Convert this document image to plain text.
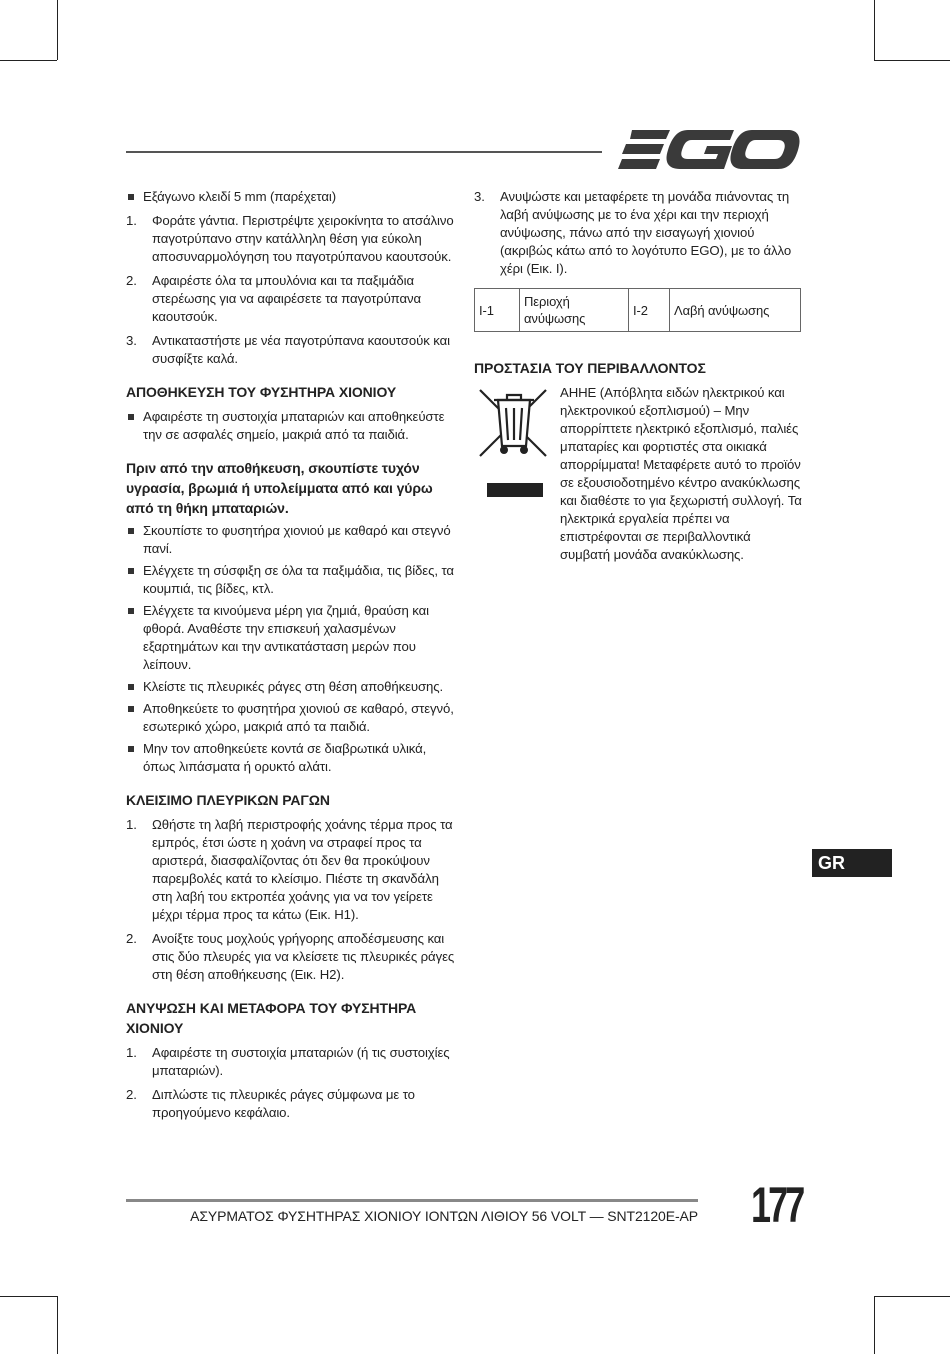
Εξάγωνο κλειδί 5 mm (παρέχεται)
1.	Φοράτε γάντια. Περιστρέψτε χειροκίνητα το ατσάλινο παγοτρύπανο στην κατάλληλη θέση για εύκολη αποσυναρμολόγηση του παγοτρύπανου καουτσούκ.
2.	Αφαιρέστε όλα τα μπουλόνια και τα παξιμάδια στερέωσης για να αφαιρέσετε τα παγοτρύπανα καουτσούκ.
3.	Αντικαταστήστε με νέα παγοτρύπανα καουτσούκ και συσφίξτε καλά.
ΑΠΟΘΗΚΕΥΣΗ ΤΟΥ ΦΥΣΗΤΗΡΑ ΧΙΟΝΙΟΥ
Αφαιρέστε τη συστοιχία μπαταριών και αποθηκεύστε την σε ασφαλές σημείο, μακριά από τα παιδιά.
Πριν από την αποθήκευση, σκουπίστε τυχόν υγρασία, βρωμιά ή υπολείμματα από και γύρω από τη θήκη μπαταριών.
Σκουπίστε το φυσητήρα χιονιού με καθαρό και στεγνό πανί.
Ελέγχετε τη σύσφιξη σε όλα τα παξιμάδια, τις βίδες, τα κουμπιά, τις βίδες, κτλ.
Ελέγχετε τα κινούμενα μέρη για ζημιά, θραύση και φθορά. Αναθέστε την επισκευή χαλασμένων εξαρτημάτων και την αντικατάσταση μερών που λείπουν.
Κλείστε τις πλευρικές ράγες στη θέση αποθήκευσης.
Αποθηκεύετε το φυσητήρα χιονιού σε καθαρό, στεγνό, εσωτερικό χώρο, μακριά από τα παιδιά.
Μην τον αποθηκεύετε κοντά σε διαβρωτικά υλικά, όπως λιπάσματα ή ορυκτό αλάτι.
ΚΛΕΙΣΙΜΟ ΠΛΕΥΡΙΚΩΝ ΡΑΓΩΝ
1.	Ωθήστε τη λαβή περιστροφής χοάνης τέρμα προς τα εμπρός, έτσι ώστε η χοάνη να στραφεί προς τα αριστερά, διασφαλίζοντας ότι δεν θα προκύψουν παρεμβολές κατά το κλείσιμο. Πιέστε τη σκανδάλη στη λαβή του εκτροπέα χοάνης για να τον γείρετε μέχρι τέρμα προς τα κάτω (Εικ. H1).
2.	Ανοίξτε τους μοχλούς γρήγορης αποδέσμευσης και στις δύο πλευρές για να κλείσετε τις πλευρικές ράγες στη θέση αποθήκευσης (Εικ. H2).
ΑΝΥΨΩΣΗ ΚΑΙ ΜΕΤΑΦΟΡΑ ΤΟΥ ΦΥΣΗΤΗΡΑ ΧΙΟΝΙΟΥ
1.	Αφαιρέστε τη συστοιχία μπαταριών (ή τις συστοιχίες μπαταριών).
2.	Διπλώστε τις πλευρικές ράγες σύμφωνα με το προηγούμενο κεφάλαιο.
3.	Ανυψώστε και μεταφέρετε τη μονάδα πιάνοντας τη λαβή ανύψωσης με το ένα χέρι και την περιοχή ανύψωσης, πάνω από την εισαγωγή χιονιού (ακριβώς κάτω από το λογότυπο EGO), με το άλλο χέρι (Εικ. I).
I-1	Περιοχή ανύψωσης	I-2	Λαβή ανύψωσης
ΠΡΟΣΤΑΣΙΑ ΤΟΥ ΠΕΡΙΒΑΛΛΟΝΤΟΣ
ΑΗΗΕ (Απόβλητα ειδών ηλεκτρικού και ηλεκτρονικού εξοπλισμού) – Μην απορρίπτετε ηλεκτρικό εξοπλισμό, παλιές μπαταρίες και φορτιστές στα οικιακά απορρίμματα! Μεταφέρετε αυτό το προϊόν σε εξουσιοδοτημένο κέντρο ανακύκλωσης και διαθέστε το για ξεχωριστή συλλογή. Τα ηλεκτρικά εργαλεία πρέπει να επιστρέφονται σε περιβαλλοντικά συμβατή μονάδα ανακύκλωσης.
GR
ΑΣΥΡΜΑΤΟΣ ΦΥΣΗΤΗΡΑΣ ΧΙΟΝΙΟΥ ΙΟΝΤΩΝ ΛΙΘΙΟΥ 56 VOLT — SNT2120E-AP 177
